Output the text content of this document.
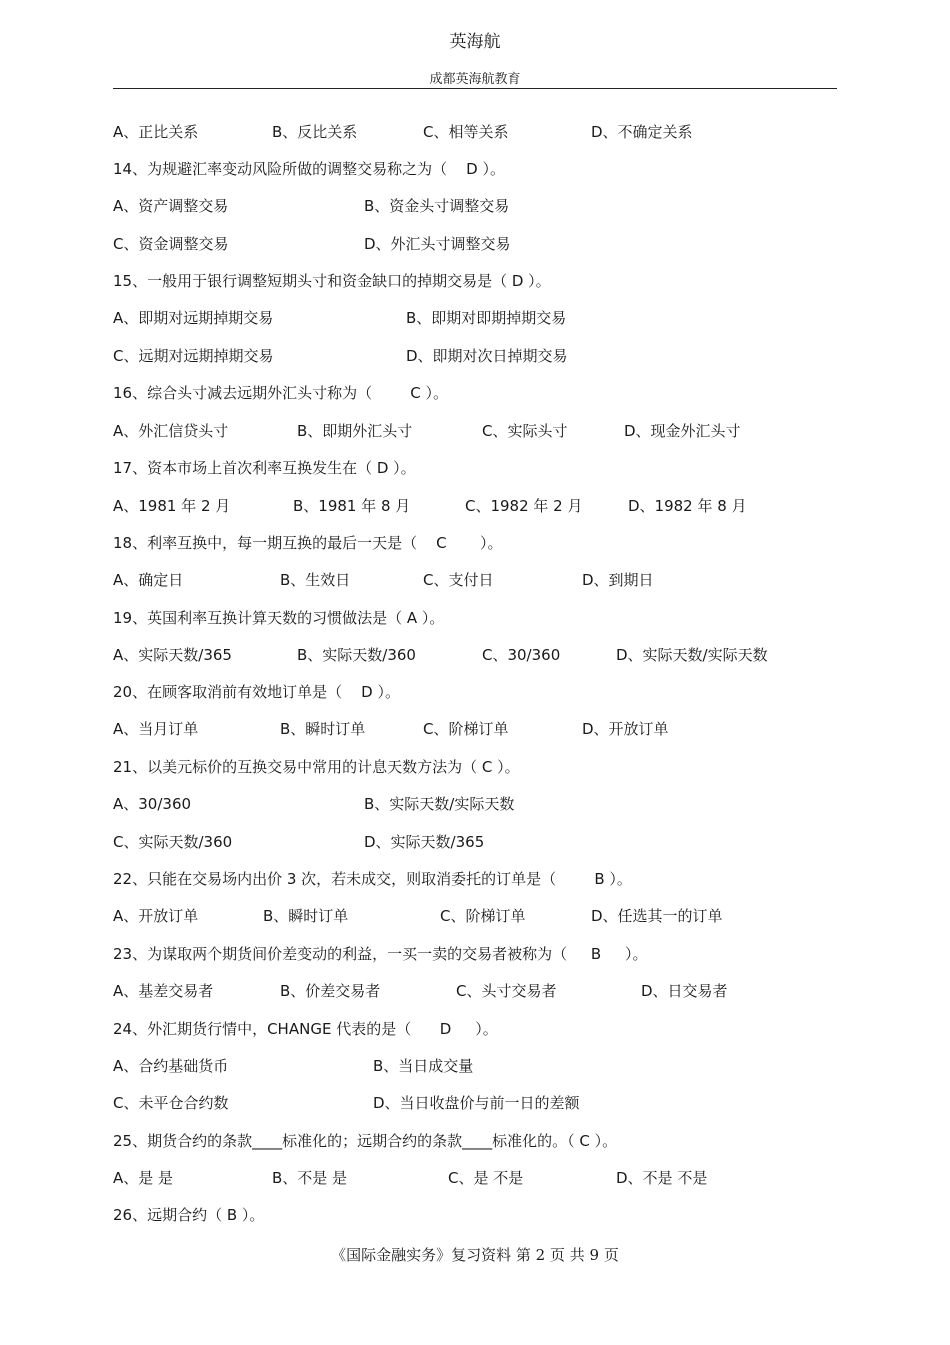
英海航
成都英海航教育
A、正比关系	B、反比关系	C、相等关系	D、不确定关系
14、为规避汇率变动风险所做的调整交易称之为（    D ）。
A、资产调整交易	B、资金头寸调整交易
C、资金调整交易	D、外汇头寸调整交易
15、一般用于银行调整短期头寸和资金缺口的掉期交易是（ D ）。
A、即期对远期掉期交易	B、即期对即期掉期交易
C、远期对远期掉期交易	D、即期对次日掉期交易
16、综合头寸减去远期外汇头寸称为（        C ）。
A、外汇信贷头寸	B、即期外汇头寸	C、实际头寸	D、现金外汇头寸
17、资本市场上首次利率互换发生在（ D ）。
A、1981 年 2 月	B、1981 年 8 月	C、1982 年 2 月	D、1982 年 8 月
18、利率互换中，每一期互换的最后一天是（    C       ）。
A、确定日	B、生效日	C、支付日	D、到期日
19、英国利率互换计算天数的习惯做法是（ A ）。
A、实际天数/365	B、实际天数/360	C、30/360	D、实际天数/实际天数
20、在顾客取消前有效地订单是（    D ）。
A、当月订单	B、瞬时订单	C、阶梯订单	D、开放订单
21、以美元标价的互换交易中常用的计息天数方法为（ C ）。
A、30/360	B、实际天数/实际天数
C、实际天数/360	D、实际天数/365
22、只能在交易场内出价 3 次，若未成交，则取消委托的订单是（        B ）。
A、开放订单	B、瞬时订单	C、阶梯订单	D、任选其一的订单
23、为谋取两个期货间价差变动的利益，一买一卖的交易者被称为（     B     ）。
A、基差交易者	B、价差交易者	C、头寸交易者	D、日交易者
24、外汇期货行情中，CHANGE 代表的是（      D     ）。
A、合约基础货币	B、当日成交量
C、未平仓合约数	D、当日收盘价与前一日的差额
25、期货合约的条款____标准化的；远期合约的条款____标准化的。（ C ）。
A、是 是	B、不是 是	C、是 不是	D、不是 不是
26、远期合约（ B ）。
《国际金融实务》复习资料 第 2 页 共 9 页
